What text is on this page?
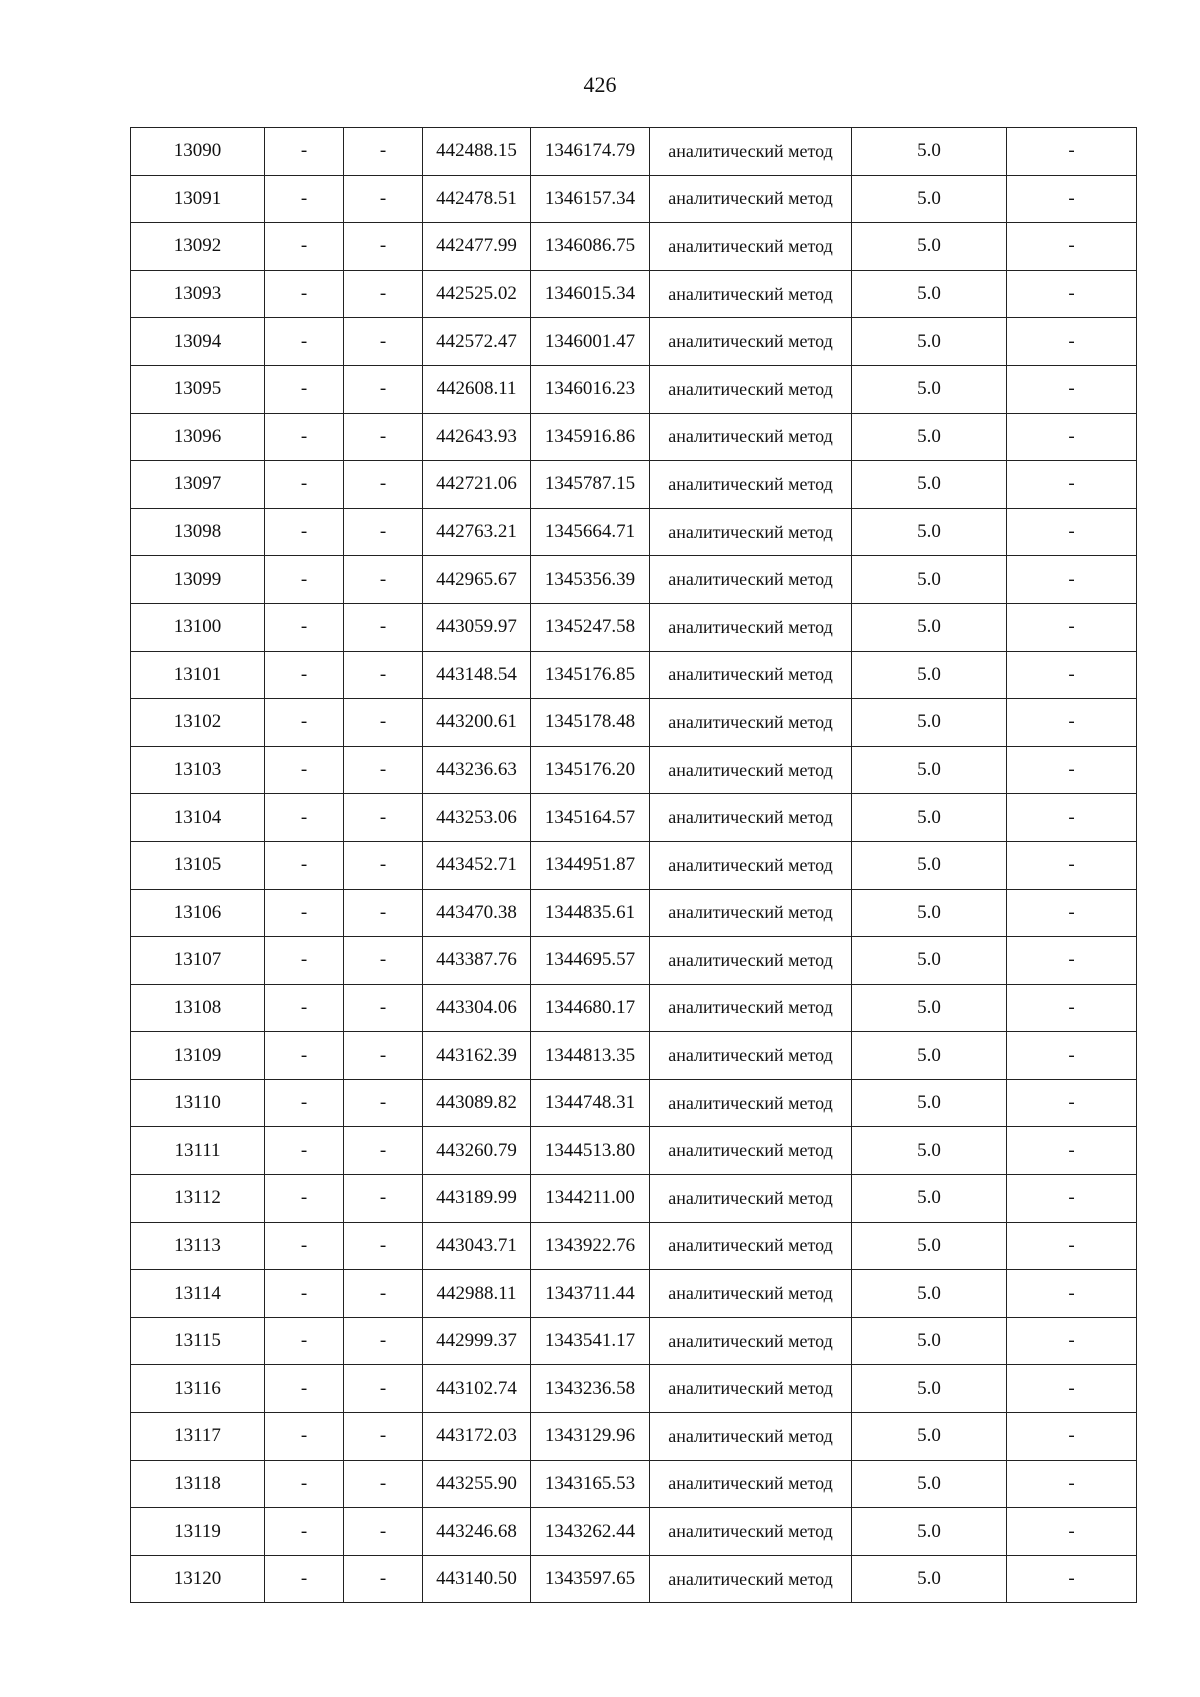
426
13090	-	-	442488.15	1346174.79	аналитический метод	5.0	-
13091	-	-	442478.51	1346157.34	аналитический метод	5.0	-
13092	-	-	442477.99	1346086.75	аналитический метод	5.0	-
13093	-	-	442525.02	1346015.34	аналитический метод	5.0	-
13094	-	-	442572.47	1346001.47	аналитический метод	5.0	-
13095	-	-	442608.11	1346016.23	аналитический метод	5.0	-
13096	-	-	442643.93	1345916.86	аналитический метод	5.0	-
13097	-	-	442721.06	1345787.15	аналитический метод	5.0	-
13098	-	-	442763.21	1345664.71	аналитический метод	5.0	-
13099	-	-	442965.67	1345356.39	аналитический метод	5.0	-
13100	-	-	443059.97	1345247.58	аналитический метод	5.0	-
13101	-	-	443148.54	1345176.85	аналитический метод	5.0	-
13102	-	-	443200.61	1345178.48	аналитический метод	5.0	-
13103	-	-	443236.63	1345176.20	аналитический метод	5.0	-
13104	-	-	443253.06	1345164.57	аналитический метод	5.0	-
13105	-	-	443452.71	1344951.87	аналитический метод	5.0	-
13106	-	-	443470.38	1344835.61	аналитический метод	5.0	-
13107	-	-	443387.76	1344695.57	аналитический метод	5.0	-
13108	-	-	443304.06	1344680.17	аналитический метод	5.0	-
13109	-	-	443162.39	1344813.35	аналитический метод	5.0	-
13110	-	-	443089.82	1344748.31	аналитический метод	5.0	-
13111	-	-	443260.79	1344513.80	аналитический метод	5.0	-
13112	-	-	443189.99	1344211.00	аналитический метод	5.0	-
13113	-	-	443043.71	1343922.76	аналитический метод	5.0	-
13114	-	-	442988.11	1343711.44	аналитический метод	5.0	-
13115	-	-	442999.37	1343541.17	аналитический метод	5.0	-
13116	-	-	443102.74	1343236.58	аналитический метод	5.0	-
13117	-	-	443172.03	1343129.96	аналитический метод	5.0	-
13118	-	-	443255.90	1343165.53	аналитический метод	5.0	-
13119	-	-	443246.68	1343262.44	аналитический метод	5.0	-
13120	-	-	443140.50	1343597.65	аналитический метод	5.0	-
